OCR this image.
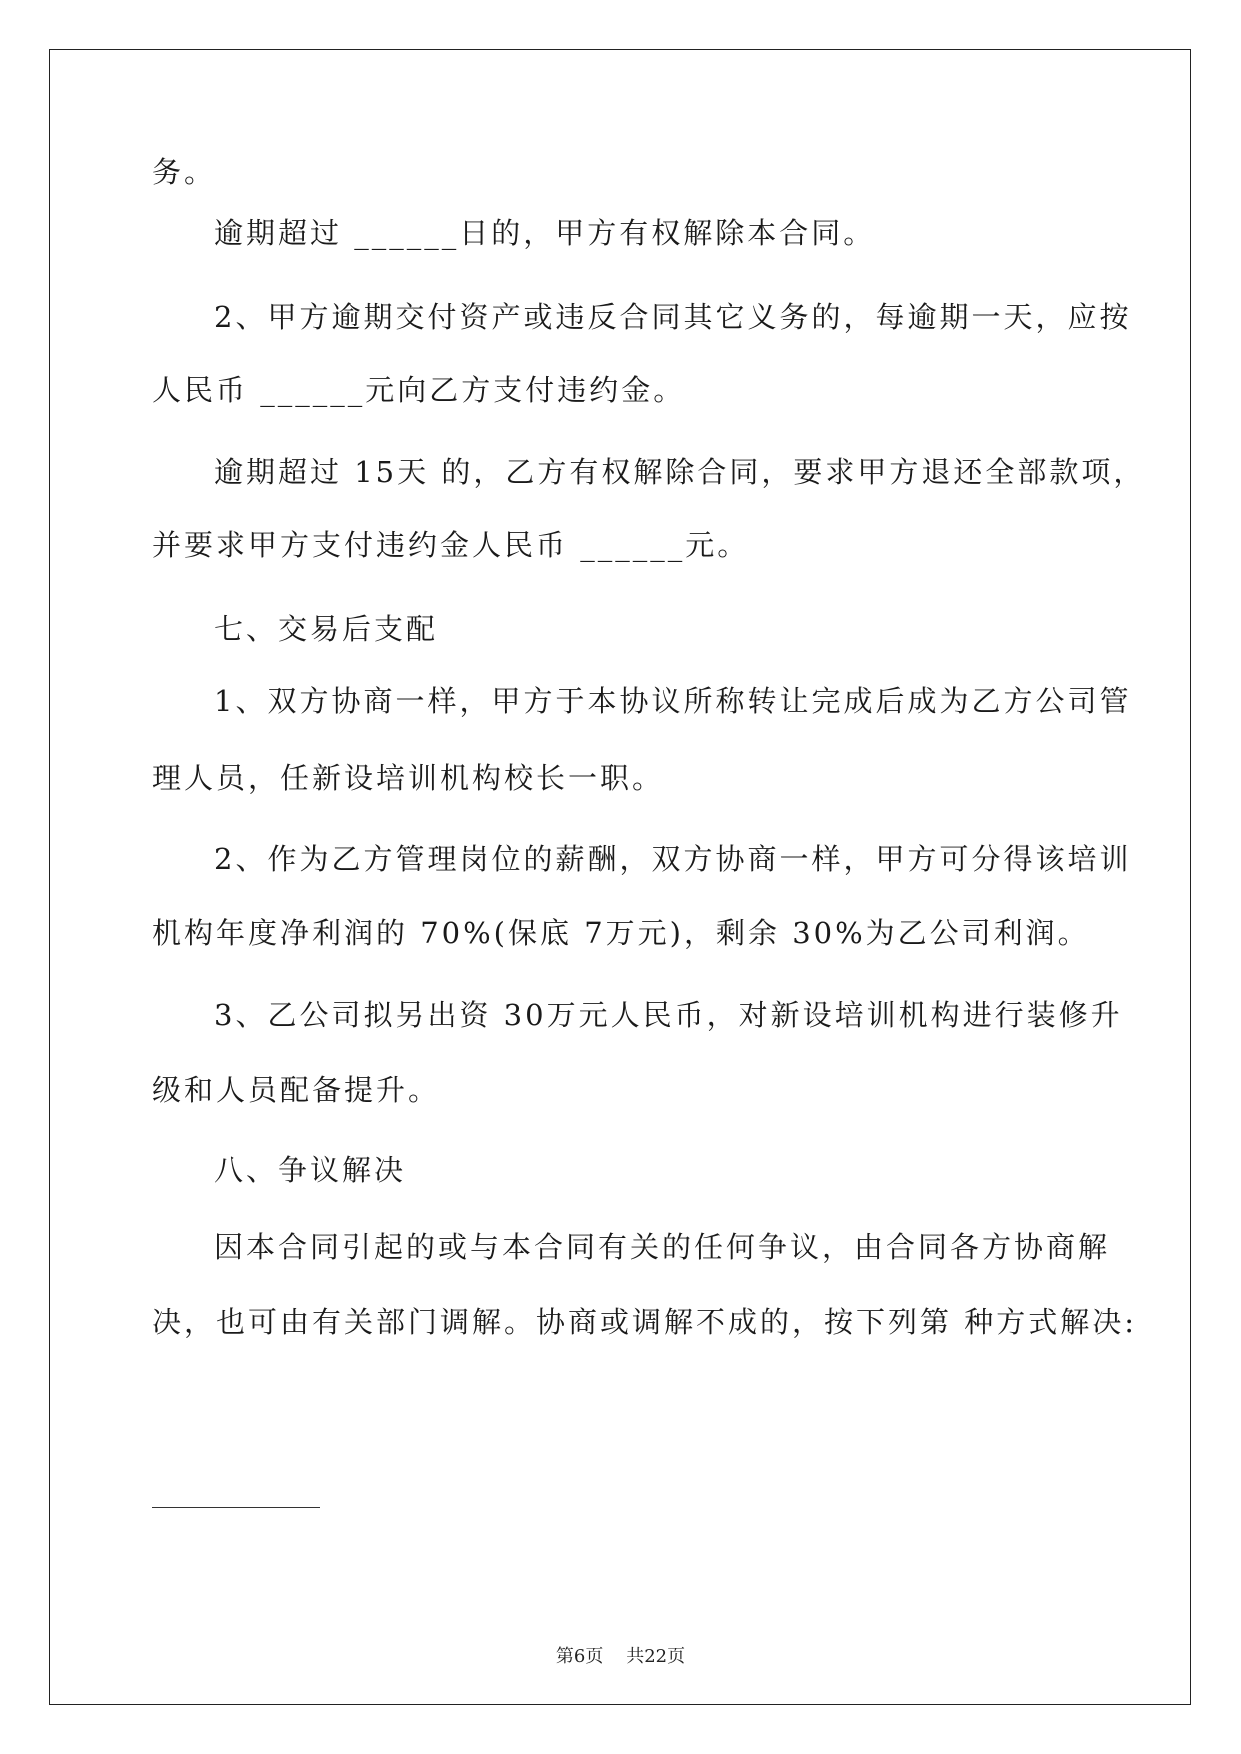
务。
逾期超过 ______日的，甲方有权解除本合同。
2、甲方逾期交付资产或违反合同其它义务的，每逾期一天，应按
人民币 ______元向乙方支付违约金。
逾期超过 15天 的，乙方有权解除合同，要求甲方退还全部款项，
并要求甲方支付违约金人民币 ______元。
七、交易后支配
1、双方协商一样，甲方于本协议所称转让完成后成为乙方公司管
理人员，任新设培训机构校长一职。
2、作为乙方管理岗位的薪酬，双方协商一样，甲方可分得该培训
机构年度净利润的 70%(保底 7万元)，剩余 30%为乙公司利润。
3、乙公司拟另出资 30万元人民币，对新设培训机构进行装修升
级和人员配备提升。
八、争议解决
因本合同引起的或与本合同有关的任何争议，由合同各方协商解
决，也可由有关部门调解。协商或调解不成的，按下列第 种方式解决:
第6页    共22页
